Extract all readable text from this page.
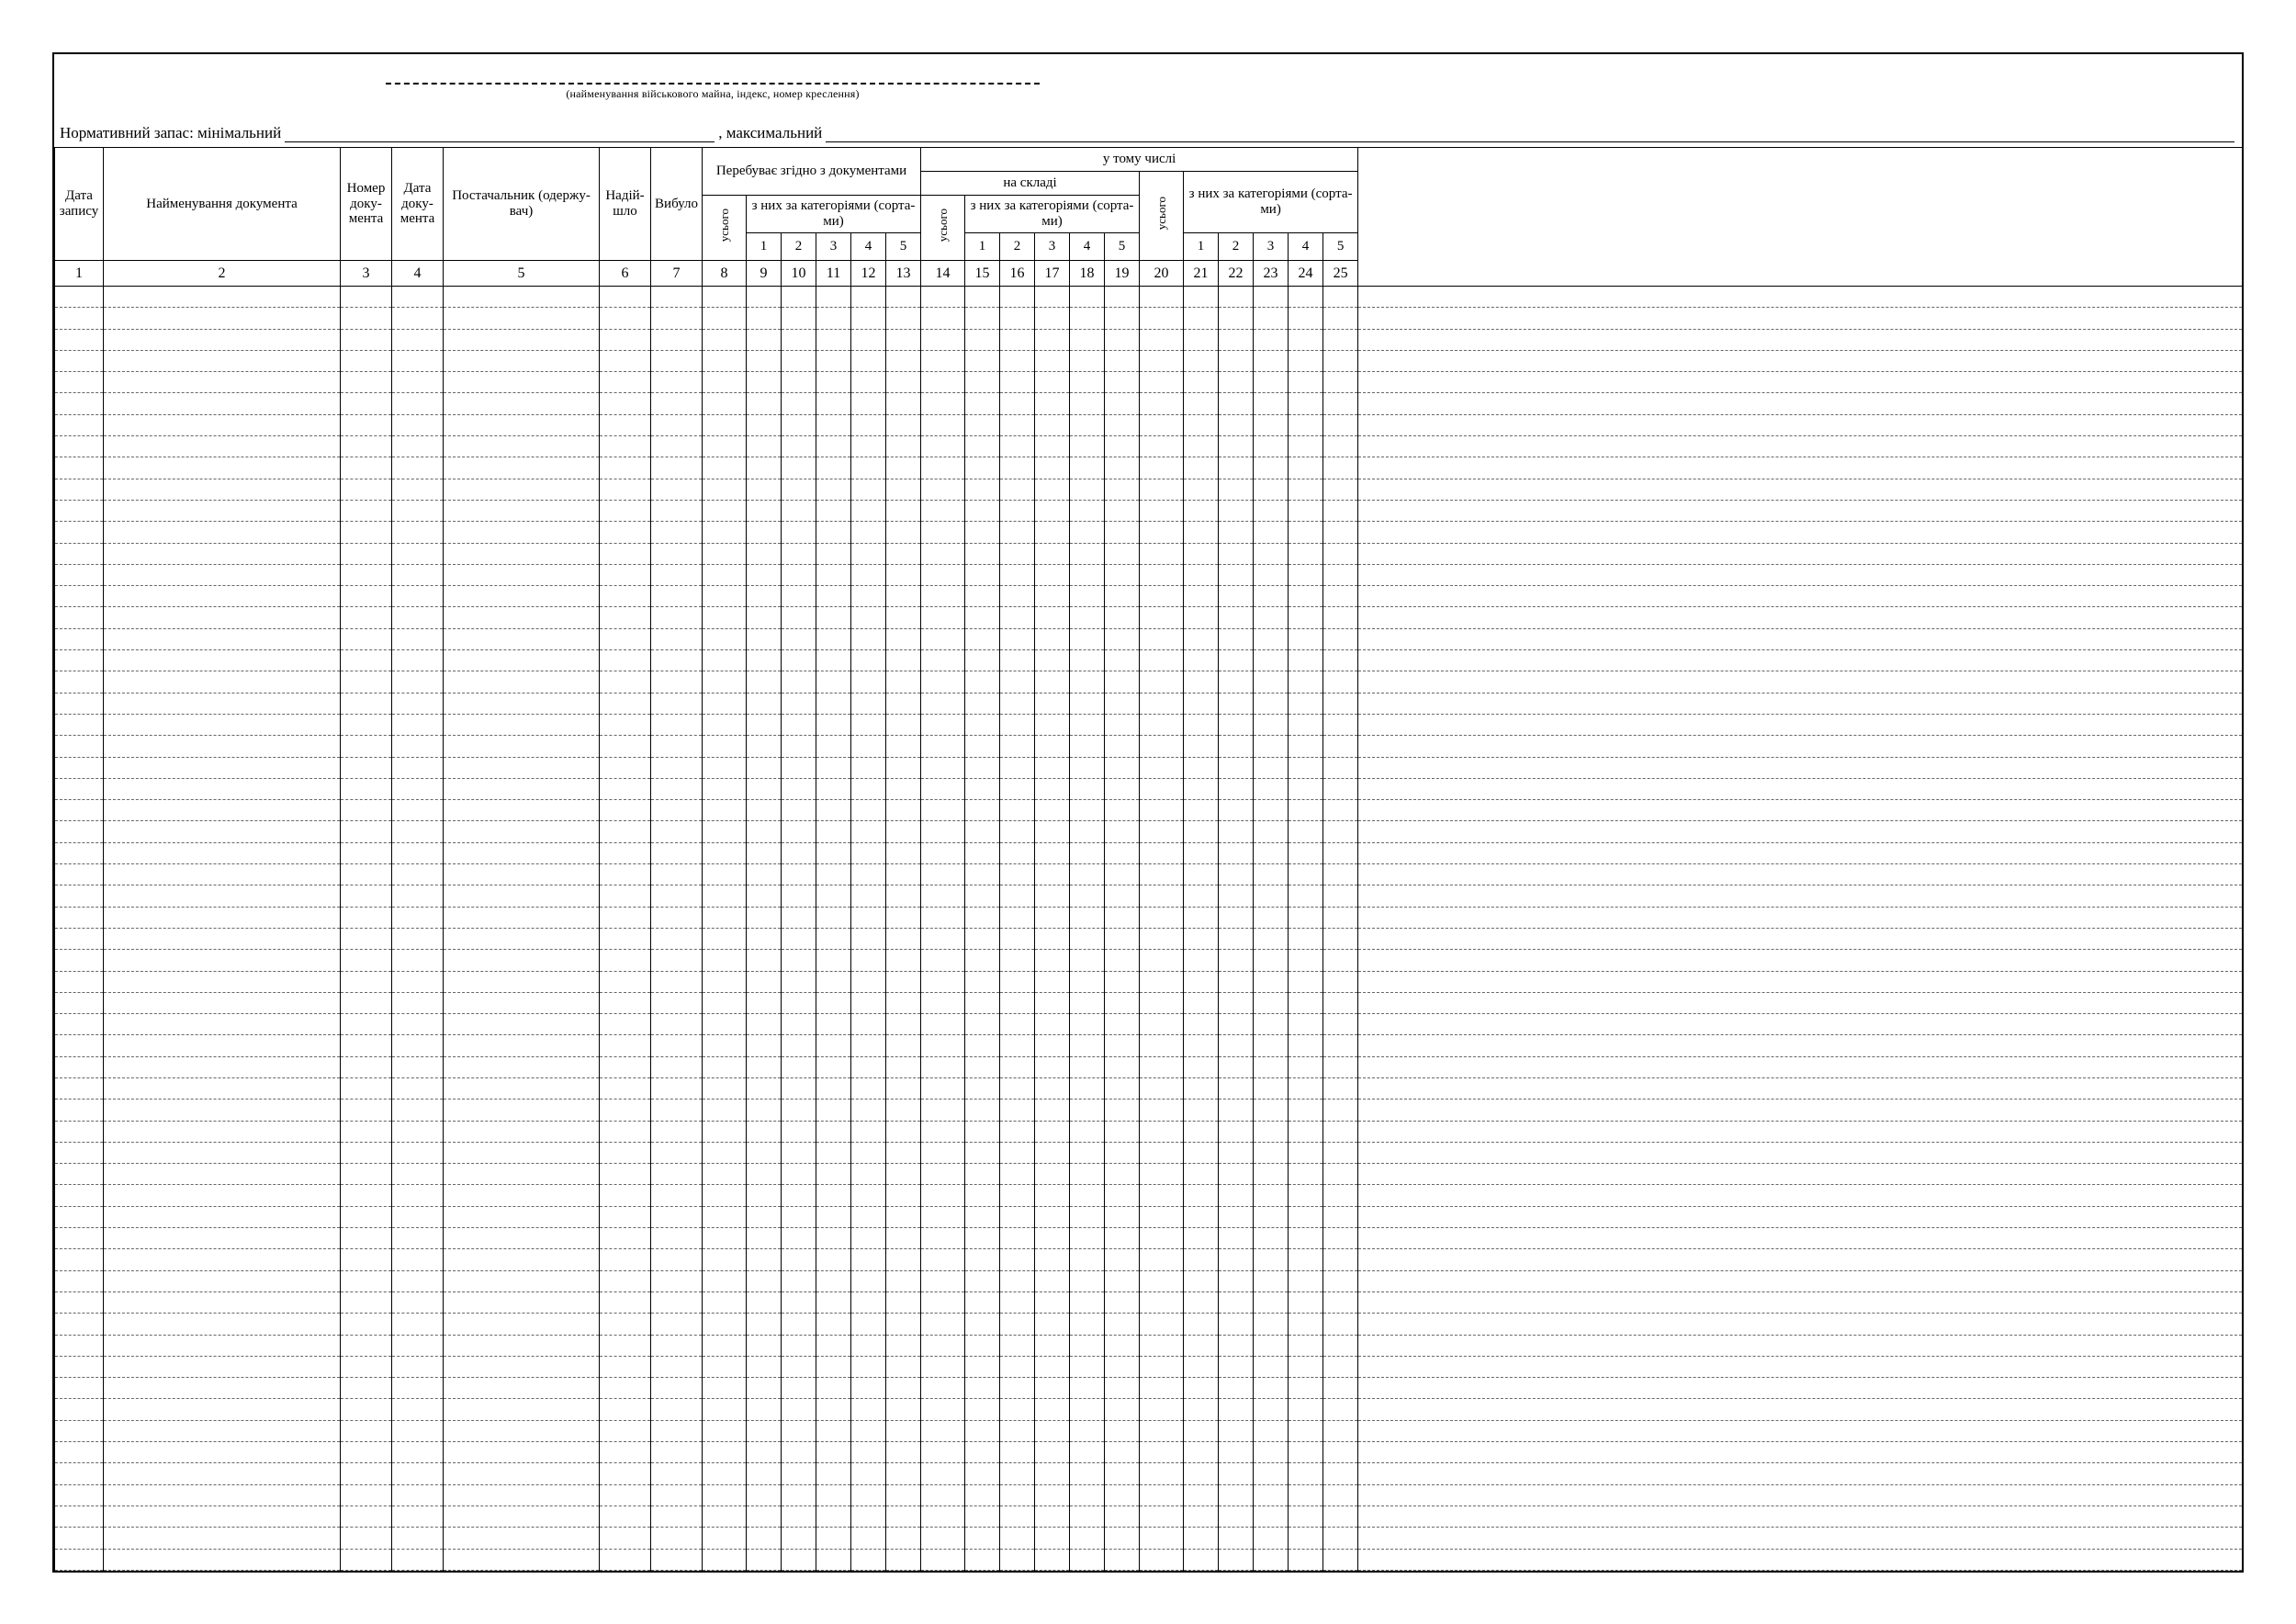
(найменування військового майна, індекс, номер креслення)
Нормативний запас: мінімальний	, максимальний
Дата запису	Найменування документа	Номер доку-мента	Дата доку-мента	Постачальник (одержу-вач)	Надій-шло	Вибуло	Перебуває згідно з документами						у тому числі												
													на складі						усього	з них за категоріями (сорта-ми)					
							усього	з них за категоріями (сорта-ми)					усього	з них за категоріями (сорта-ми)											
								1	2	3	4	5		1	2	3	4	5		1	2	3	4	5	
1	2	3	4	5	6	7	8	9	10	11	12	13	14	15	16	17	18	19	20	21	22	23	24	25	
